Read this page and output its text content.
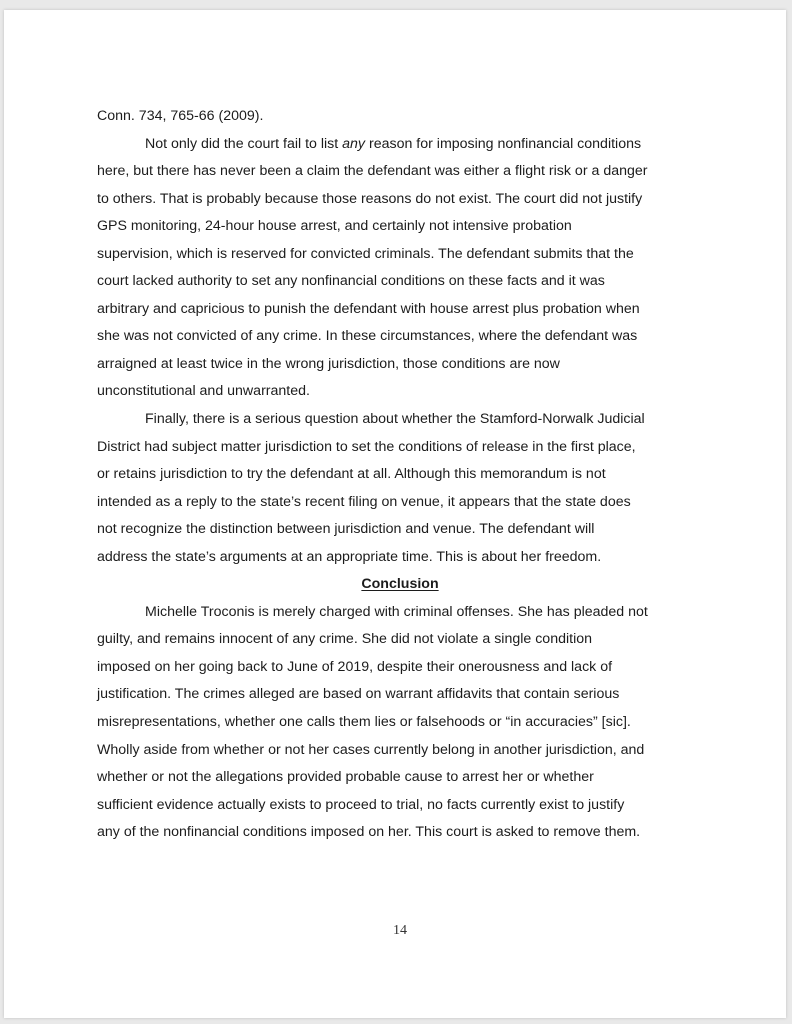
Conn. 734, 765-66 (2009).
Not only did the court fail to list any reason for imposing nonfinancial conditions
here, but there has never been a claim the defendant was either a flight risk or a danger
to others. That is probably because those reasons do not exist. The court did not justify
GPS monitoring, 24-hour house arrest, and certainly not intensive probation
supervision, which is reserved for convicted criminals. The defendant submits that the
court lacked authority to set any nonfinancial conditions on these facts and it was
arbitrary and capricious to punish the defendant with house arrest plus probation when
she was not convicted of any crime. In these circumstances, where the defendant was
arraigned at least twice in the wrong jurisdiction, those conditions are now
unconstitutional and unwarranted.
Finally, there is a serious question about whether the Stamford-Norwalk Judicial
District had subject matter jurisdiction to set the conditions of release in the first place,
or retains jurisdiction to try the defendant at all. Although this memorandum is not
intended as a reply to the state’s recent filing on venue, it appears that the state does
not recognize the distinction between jurisdiction and venue. The defendant will
address the state’s arguments at an appropriate time. This is about her freedom.
Conclusion
Michelle Troconis is merely charged with criminal offenses. She has pleaded not
guilty, and remains innocent of any crime. She did not violate a single condition
imposed on her going back to June of 2019, despite their onerousness and lack of
justification. The crimes alleged are based on warrant affidavits that contain serious
misrepresentations, whether one calls them lies or falsehoods or “in accuracies” [sic].
Wholly aside from whether or not her cases currently belong in another jurisdiction, and
whether or not the allegations provided probable cause to arrest her or whether
sufficient evidence actually exists to proceed to trial, no facts currently exist to justify
any of the nonfinancial conditions imposed on her. This court is asked to remove them.
14
